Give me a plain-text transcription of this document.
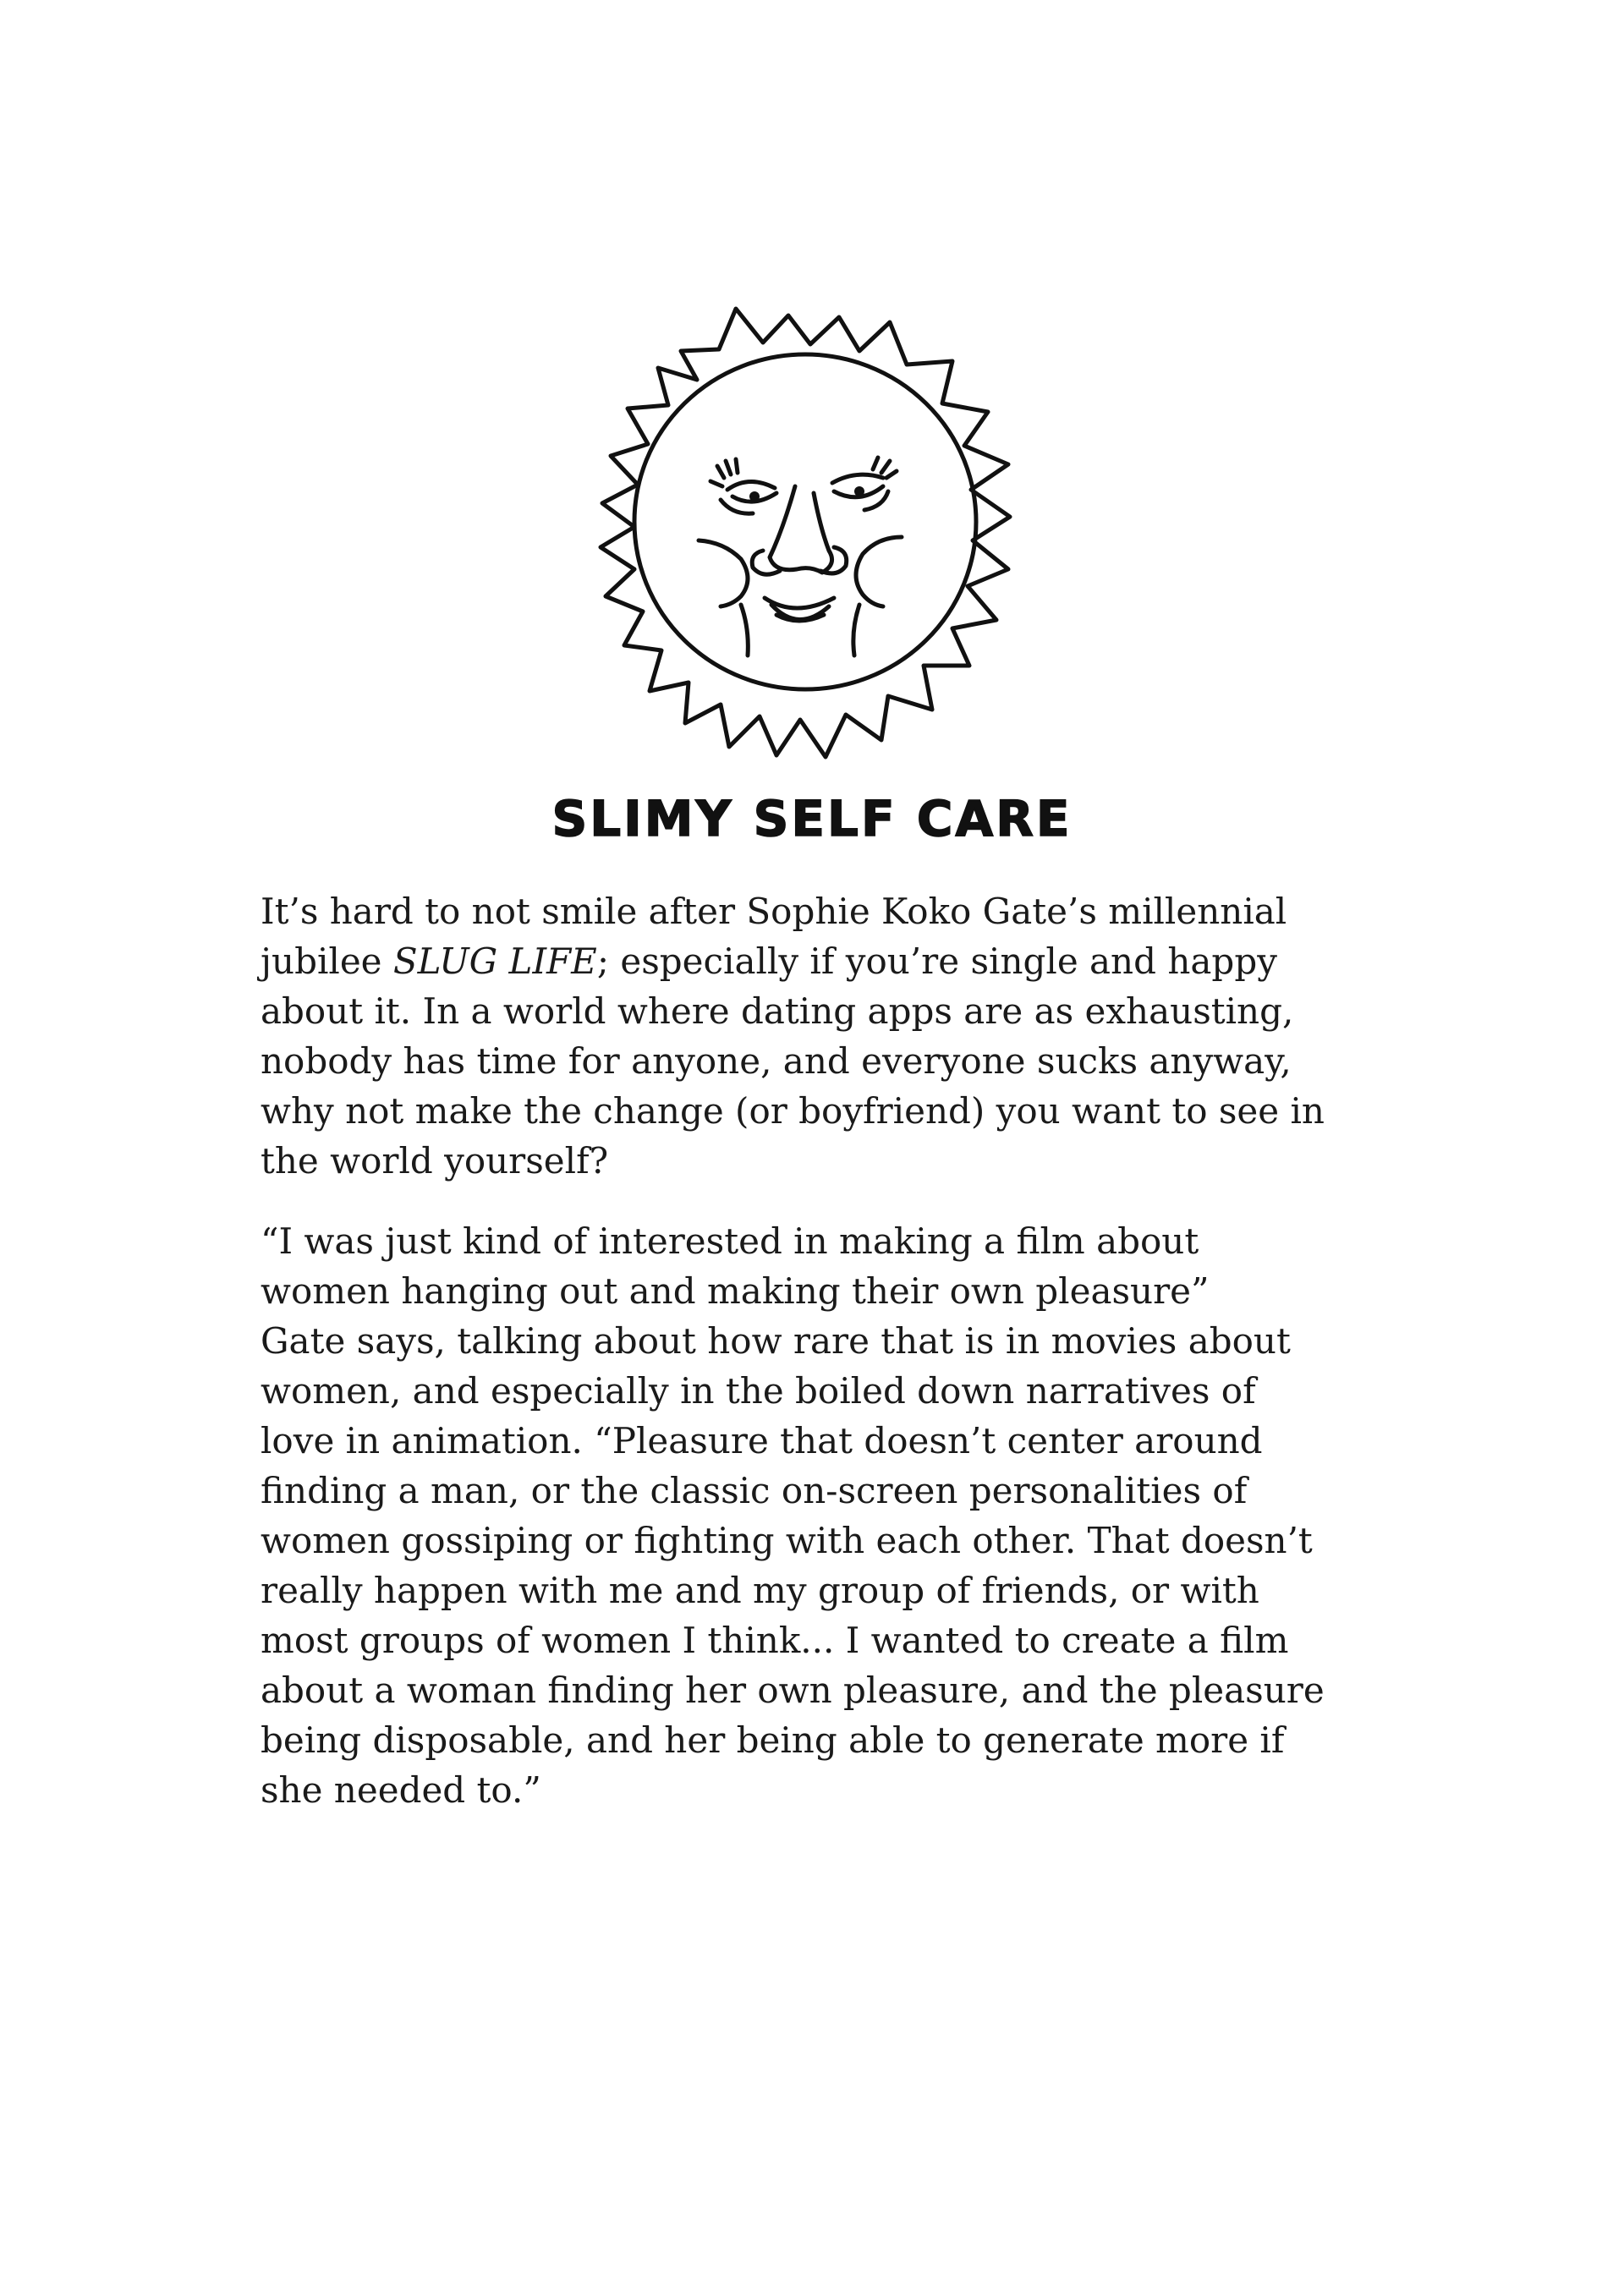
SLIMY SELF CARE

It’s hard to not smile after Sophie Koko Gate’s millennial
jubilee SLUG LIFE; especially if you’re single and happy
about it. In a world where dating apps are as exhausting,
nobody has time for anyone, and everyone sucks anyway,
why not make the change (or boyfriend) you want to see in
the world yourself?

“I was just kind of interested in making a film about
women hanging out and making their own pleasure”
Gate says, talking about how rare that is in movies about
women, and especially in the boiled down narratives of
love in animation. “Pleasure that doesn’t center around
finding a man, or the classic on-screen personalities of
women gossiping or fighting with each other. That doesn’t
really happen with me and my group of friends, or with
most groups of women I think... I wanted to create a film
about a woman finding her own pleasure, and the pleasure
being disposable, and her being able to generate more if
she needed to.”
